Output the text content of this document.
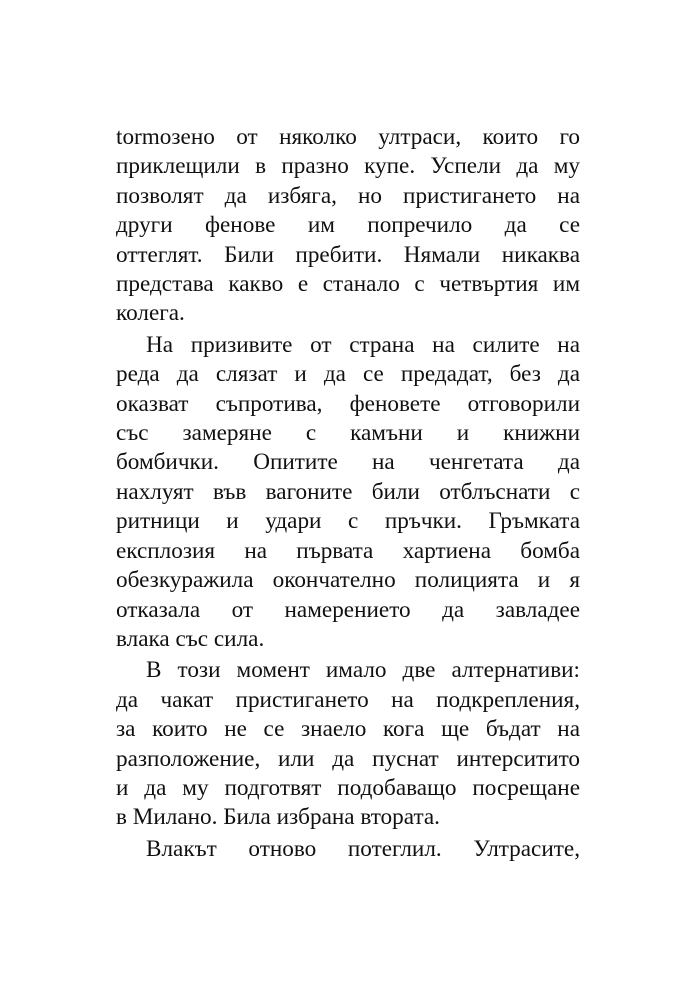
tormозено от няколко ултраси, които го
приклещили в празно купе. Успели да му
позволят да избяга, но пристигането на
други фенове им попречило да се
оттеглят. Били пребити. Нямали никаква
представа какво е станало с четвъртия им
колега.
На призивите от страна на силите на
реда да слязат и да се предадат, без да
оказват съпротива, феновете отговорили
със замеряне с камъни и книжни
бомбички. Опитите на ченгетата да
нахлуят във вагоните били отблъснати с
ритници и удари с пръчки. Гръмката
експлозия на първата хартиена бомба
обезкуражила окончателно полицията и я
отказала от намерението да завладее
влака със сила.
В този момент имало две алтернативи:
да чакат пристигането на подкрепления,
за които не се знаело кога ще бъдат на
разположение, или да пуснат интерситито
и да му подготвят подобаващо посрещане
в Милано. Била избрана втората.
Влакът отново потеглил. Ултрасите,
